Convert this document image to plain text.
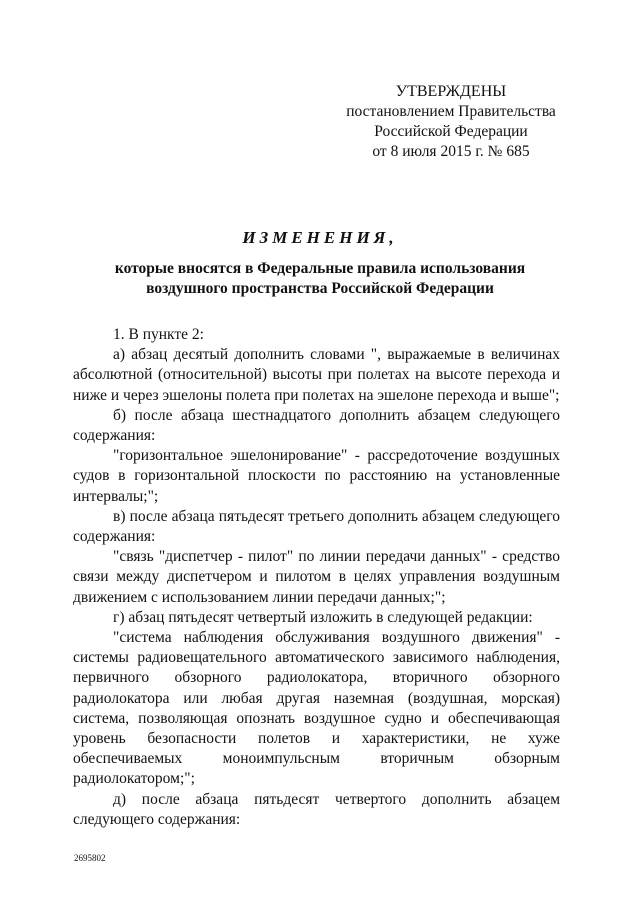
УТВЕРЖДЕНЫ
постановлением Правительства
Российской Федерации
от 8 июля 2015 г. № 685
ИЗМЕНЕНИЯ,
которые вносятся в Федеральные правила использования
воздушного пространства Российской Федерации

1. В пункте 2:

а) абзац десятый дополнить словами ", выражаемые в величинах абсолютной (относительной) высоты при полетах на высоте перехода и ниже и через эшелоны полета при полетах на эшелоне перехода и выше";

б) после абзаца шестнадцатого дополнить абзацем следующего содержания:

"горизонтальное эшелонирование" - рассредоточение воздушных судов в горизонтальной плоскости по расстоянию на установленные интервалы;";

в) после абзаца пятьдесят третьего дополнить абзацем следующего содержания:

"связь "диспетчер - пилот" по линии передачи данных" - средство связи между диспетчером и пилотом в целях управления воздушным движением с использованием линии передачи данных;";

г) абзац пятьдесят четвертый изложить в следующей редакции:

"система наблюдения обслуживания воздушного движения" - системы радиовещательного автоматического зависимого наблюдения, первичного обзорного радиолокатора, вторичного обзорного радиолокатора или любая другая наземная (воздушная, морская) система, позволяющая опознать воздушное судно и обеспечивающая уровень безопасности полетов и характеристики, не хуже обеспечиваемых моноимпульсным вторичным обзорным радиолокатором;";

д) после абзаца пятьдесят четвертого дополнить абзацем следующего содержания:

2695802
